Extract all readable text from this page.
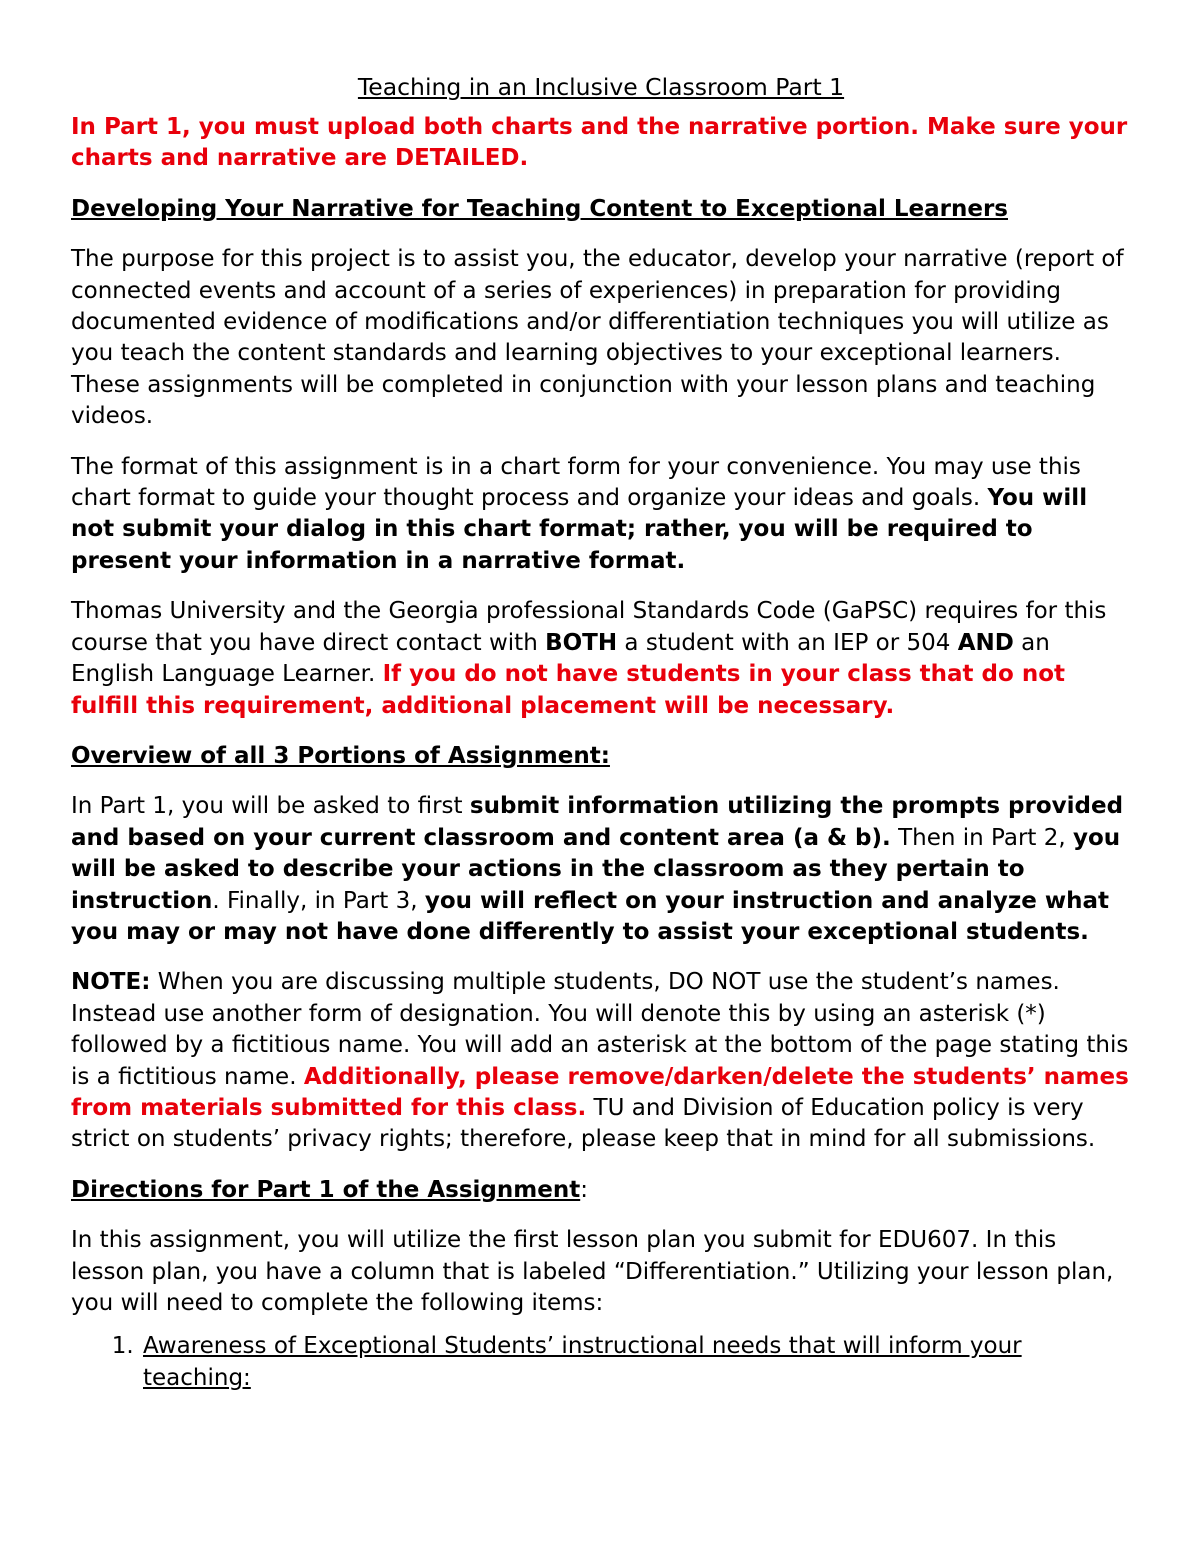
Teaching in an Inclusive Classroom Part 1

In Part 1, you must upload both charts and the narrative portion. Make sure your charts and narrative are DETAILED.

Developing Your Narrative for Teaching Content to Exceptional Learners

The purpose for this project is to assist you, the educator, develop your narrative (report of connected events and account of a series of experiences) in preparation for providing documented evidence of modifications and/or differentiation techniques you will utilize as you teach the content standards and learning objectives to your exceptional learners. These assignments will be completed in conjunction with your lesson plans and teaching videos.

The format of this assignment is in a chart form for your convenience. You may use this chart format to guide your thought process and organize your ideas and goals. You will not submit your dialog in this chart format; rather, you will be required to present your information in a narrative format.

Thomas University and the Georgia professional Standards Code (GaPSC) requires for this course that you have direct contact with BOTH a student with an IEP or 504 AND an English Language Learner. If you do not have students in your class that do not fulfill this requirement, additional placement will be necessary.

Overview of all 3 Portions of Assignment:

In Part 1, you will be asked to first submit information utilizing the prompts provided and based on your current classroom and content area (a & b). Then in Part 2, you will be asked to describe your actions in the classroom as they pertain to instruction. Finally, in Part 3, you will reflect on your instruction and analyze what you may or may not have done differently to assist your exceptional students.

NOTE: When you are discussing multiple students, DO NOT use the student’s names. Instead use another form of designation. You will denote this by using an asterisk (*) followed by a fictitious name. You will add an asterisk at the bottom of the page stating this is a fictitious name. Additionally, please remove/darken/delete the students’ names from materials submitted for this class. TU and Division of Education policy is very strict on students’ privacy rights; therefore, please keep that in mind for all submissions.

Directions for Part 1 of the Assignment:

In this assignment, you will utilize the first lesson plan you submit for EDU607. In this lesson plan, you have a column that is labeled “Differentiation.” Utilizing your lesson plan, you will need to complete the following items:

1. Awareness of Exceptional Students’ instructional needs that will inform your teaching:
